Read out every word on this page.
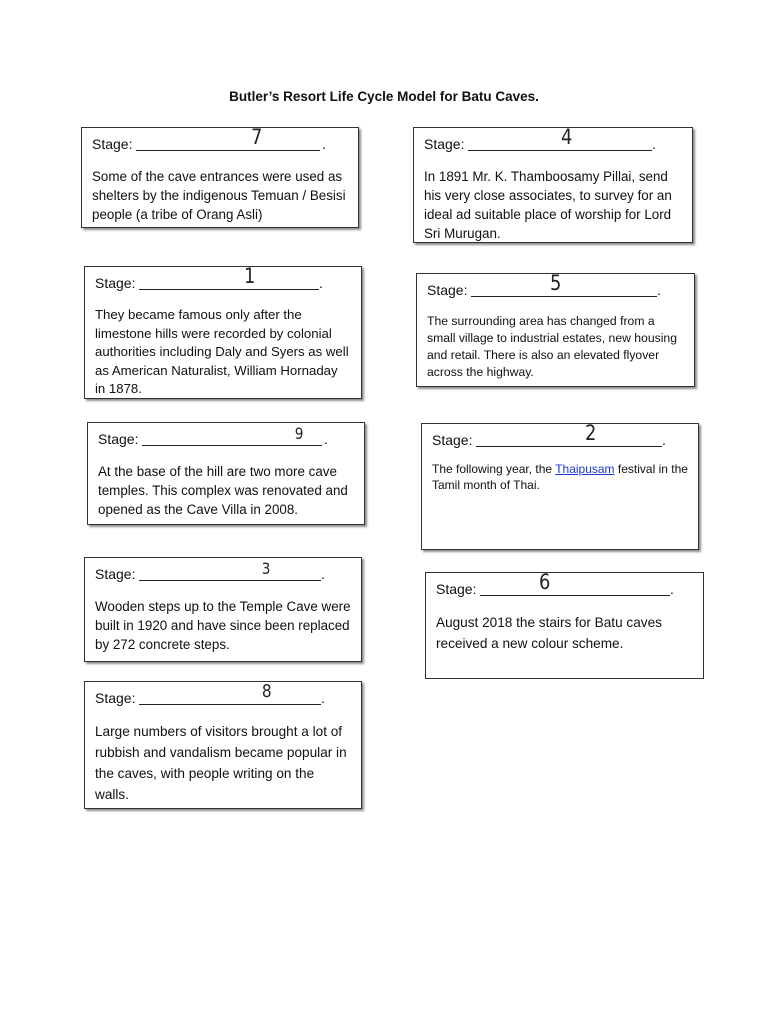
Butler’s Resort Life Cycle Model for Batu Caves.
Stage:	7	.
Some of the cave entrances were used as shelters by the indigenous Temuan / Besisi people (a tribe of Orang Asli)
Stage:	4	.
In 1891 Mr. K. Thamboosamy Pillai, send his very close associates, to survey for an ideal ad suitable place of worship for Lord Sri Murugan.
Stage:	1	.
They became famous only after the limestone hills were recorded by colonial authorities including Daly and Syers as well as American Naturalist, William Hornaday in 1878.
Stage:	5	.
The surrounding area has changed from a small village to industrial estates, new housing and retail. There is also an elevated flyover across the highway.
Stage:	9 .
At the base of the hill are two more cave temples. This complex was renovated and opened as the Cave Villa in 2008.
Stage:	2	.
The following year, the Thaipusam festival in the Tamil month of Thai.
Stage:	3	.
Wooden steps up to the Temple Cave were built in 1920 and have since been replaced by 272 concrete steps.
Stage:	6	.
August 2018 the stairs for Batu caves received a new colour scheme.
Stage:	8	.
Large numbers of visitors brought a lot of rubbish and vandalism became popular in the caves, with people writing on the walls.
